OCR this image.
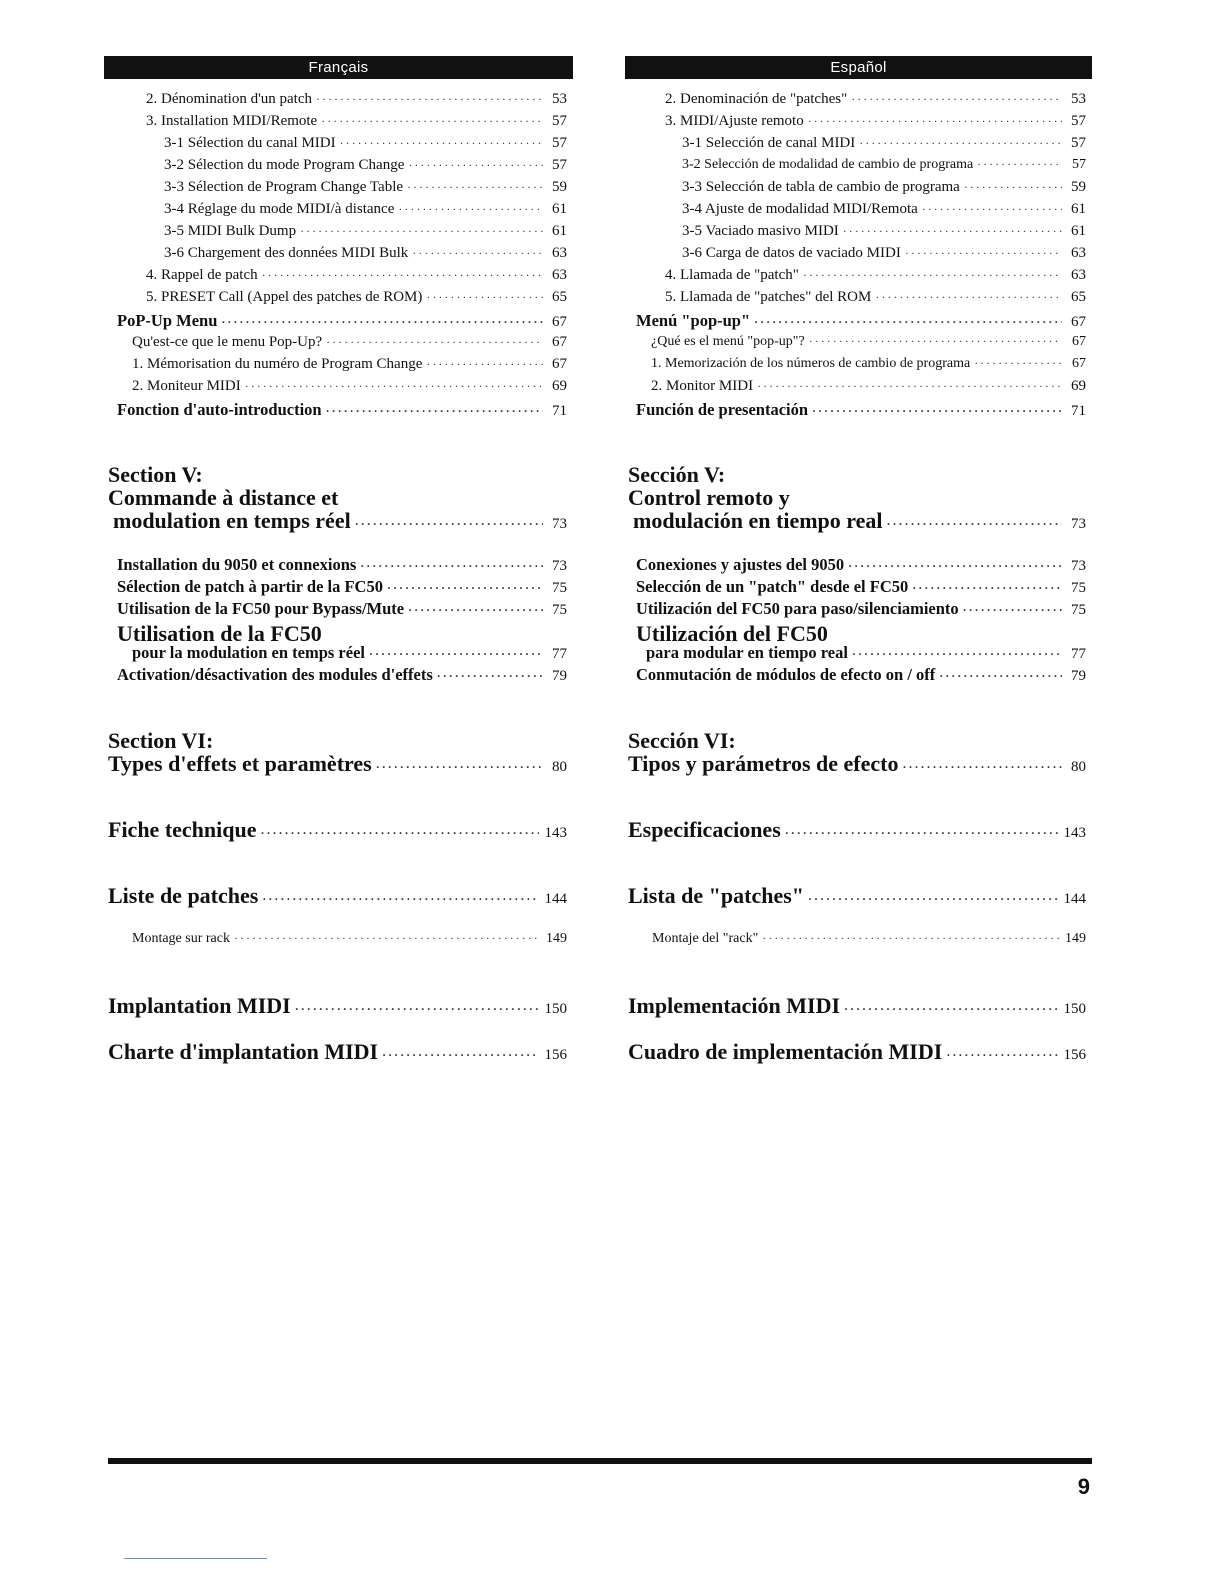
Français
2. Dénomination d'un patch ·····	53
3. Installation MIDI/Remote ·····	57
3-1 Sélection du canal MIDI ·····	57
3-2 Sélection du mode Program Change ·····	57
3-3 Sélection de Program Change Table ·····	59
3-4 Réglage du mode MIDI/à distance ·····	61
3-5 MIDI Bulk Dump ·····	61
3-6 Chargement des données MIDI Bulk ·····	63
4. Rappel de patch ·····	63
5. PRESET Call (Appel des patches de ROM) ·····	65
PoP-Up Menu ·····	67
Qu'est-ce que le menu Pop-Up? ·····	67
1. Mémorisation du numéro de Program Change ·····	67
2. Moniteur MIDI ·····	69
Fonction d'auto-introduction ·····	71
Section V:
Commande à distance et
modulation en temps réel ·····	73
Installation du 9050 et connexions ·····	73
Sélection de patch à partir de la FC50 ·····	75
Utilisation de la FC50 pour Bypass/Mute ·····	75
Utilisation de la FC50
pour la modulation en temps réel ·····	77
Activation/désactivation des modules d'effets ·····	79
Section VI:
Types d'effets et paramètres ·····	80
Fiche technique ·····	143
Liste de patches ·····	144
Montage sur rack ·····	149
Implantation MIDI ·····	150
Charte d'implantation MIDI ·····	156
Español
2. Denominación de "patches" ·····	53
3. MIDI/Ajuste remoto ·····	57
3-1 Selección de canal MIDI ·····	57
3-2 Selección de modalidad de cambio de programa ·····	57
3-3 Selección de tabla de cambio de programa ·····	59
3-4 Ajuste de modalidad MIDI/Remota ·····	61
3-5 Vaciado masivo MIDI ·····	61
3-6 Carga de datos de vaciado MIDI ·····	63
4. Llamada de "patch" ·····	63
5. Llamada de "patches" del ROM ·····	65
Menú "pop-up" ·····	67
¿Qué es el menú "pop-up"? ·····	67
1. Memorización de los números de cambio de programa ·····	67
2. Monitor MIDI ·····	69
Función de presentación ·····	71
Sección V:
Control remoto y
modulación en tiempo real ·····	73
Conexiones y ajustes del 9050 ·····	73
Selección de un "patch" desde el FC50 ·····	75
Utilización del FC50 para paso/silenciamiento ·····	75
Utilización del FC50
para modular en tiempo real ·····	77
Conmutación de módulos de efecto on / off ·····	79
Sección VI:
Tipos y parámetros de efecto ·····	80
Especificaciones ·····	143
Lista de "patches" ·····	144
Montaje del "rack" ·····	149
Implementación MIDI ·····	150
Cuadro de implementación MIDI ·····	156
9
